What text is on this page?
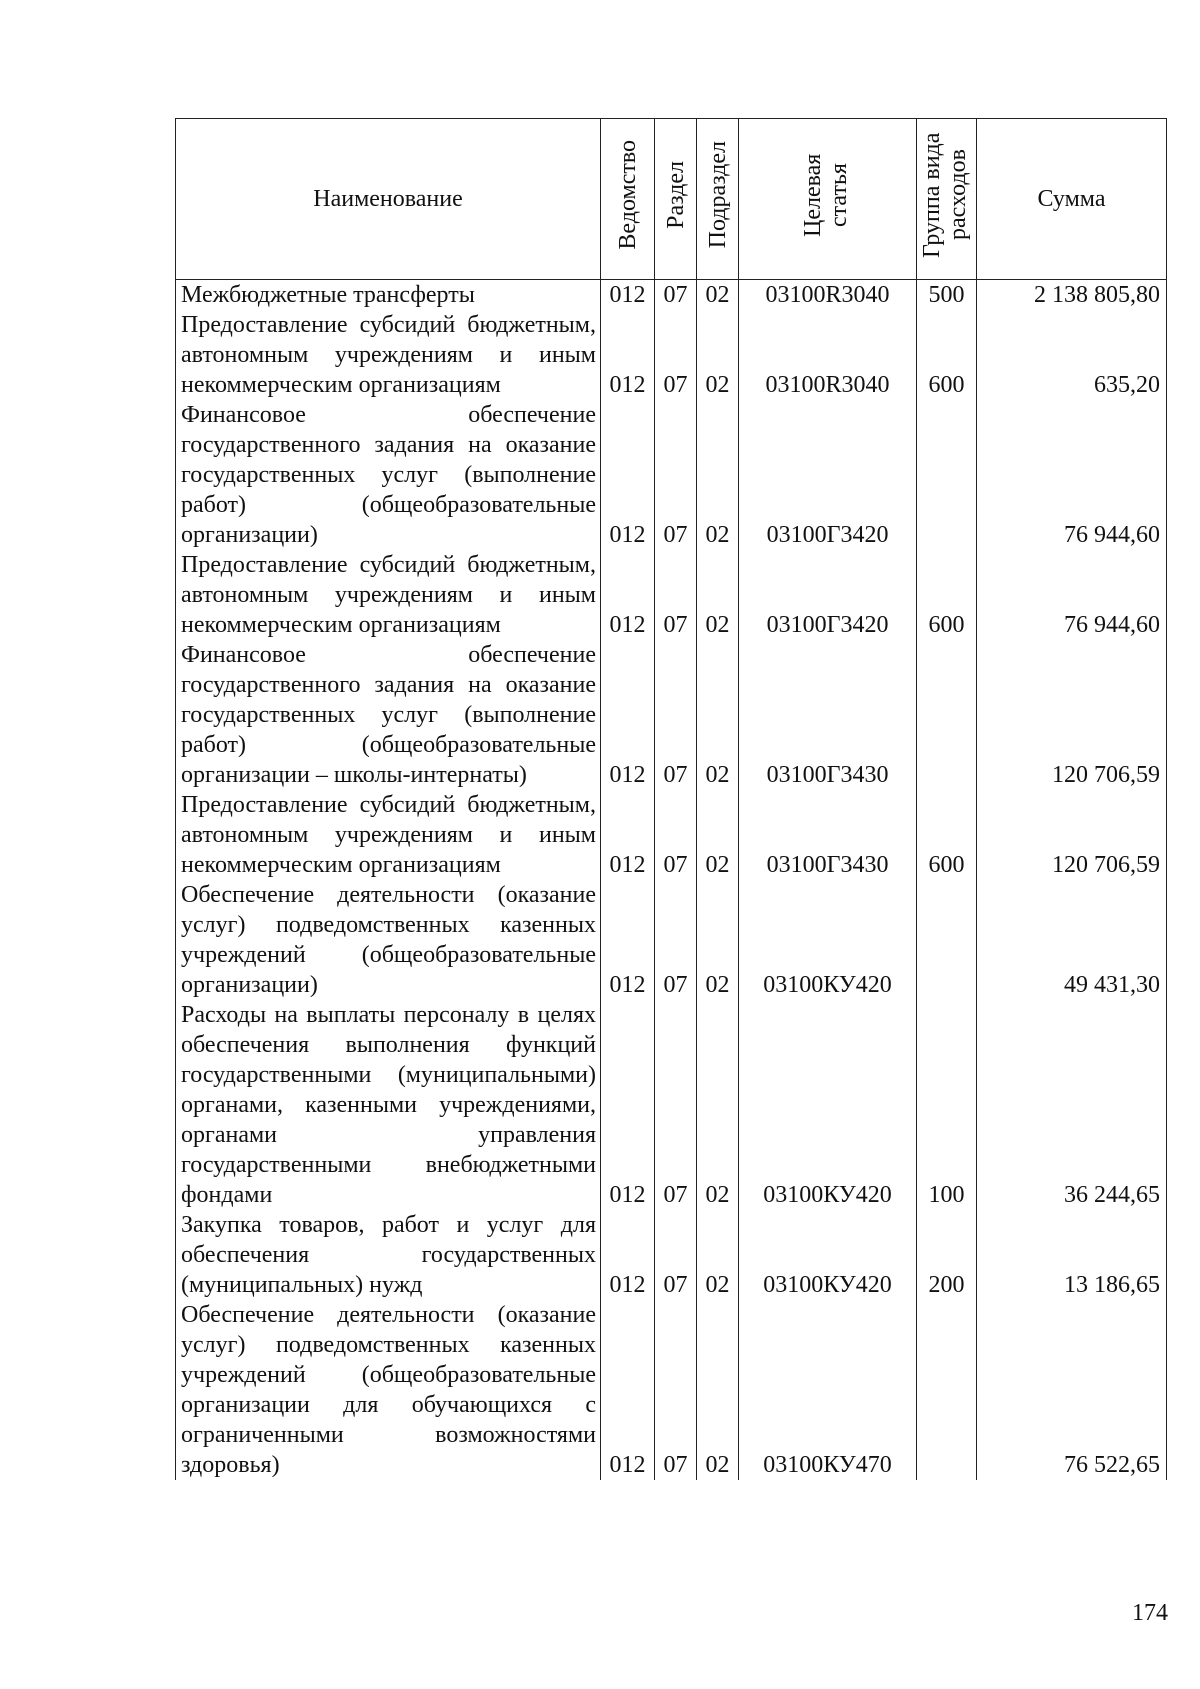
Наименование	Ведомство	Раздел	Подраздел	Целевая статья	Группа вида расходов	Сумма
Межбюджетные трансферты	012	07	02	03100R3040	500	2 138 805,80
Предоставление субсидий бюджетным, автономным учреждениям и иным некоммерческим организациям	012	07	02	03100R3040	600	635,20
Финансовое обеспечение государственного задания на оказание государственных услуг (выполнение работ) (общеобразовательные организации)	012	07	02	03100Г3420		76 944,60
Предоставление субсидий бюджетным, автономным учреждениям и иным некоммерческим организациям	012	07	02	03100Г3420	600	76 944,60
Финансовое обеспечение государственного задания на оказание государственных услуг (выполнение работ) (общеобразовательные организации – школы-интернаты)	012	07	02	03100Г3430		120 706,59
Предоставление субсидий бюджетным, автономным учреждениям и иным некоммерческим организациям	012	07	02	03100Г3430	600	120 706,59
Обеспечение деятельности (оказание услуг) подведомственных казенных учреждений (общеобразовательные организации)	012	07	02	03100КУ420		49 431,30
Расходы на выплаты персоналу в целях обеспечения выполнения функций государственными (муниципальными) органами, казенными учреждениями, органами управления государственными внебюджетными фондами	012	07	02	03100КУ420	100	36 244,65
Закупка товаров, работ и услуг для обеспечения государственных (муниципальных) нужд	012	07	02	03100КУ420	200	13 186,65
Обеспечение деятельности (оказание услуг) подведомственных казенных учреждений (общеобразовательные организации для обучающихся с ограниченными возможностями здоровья)	012	07	02	03100КУ470		76 522,65
174
